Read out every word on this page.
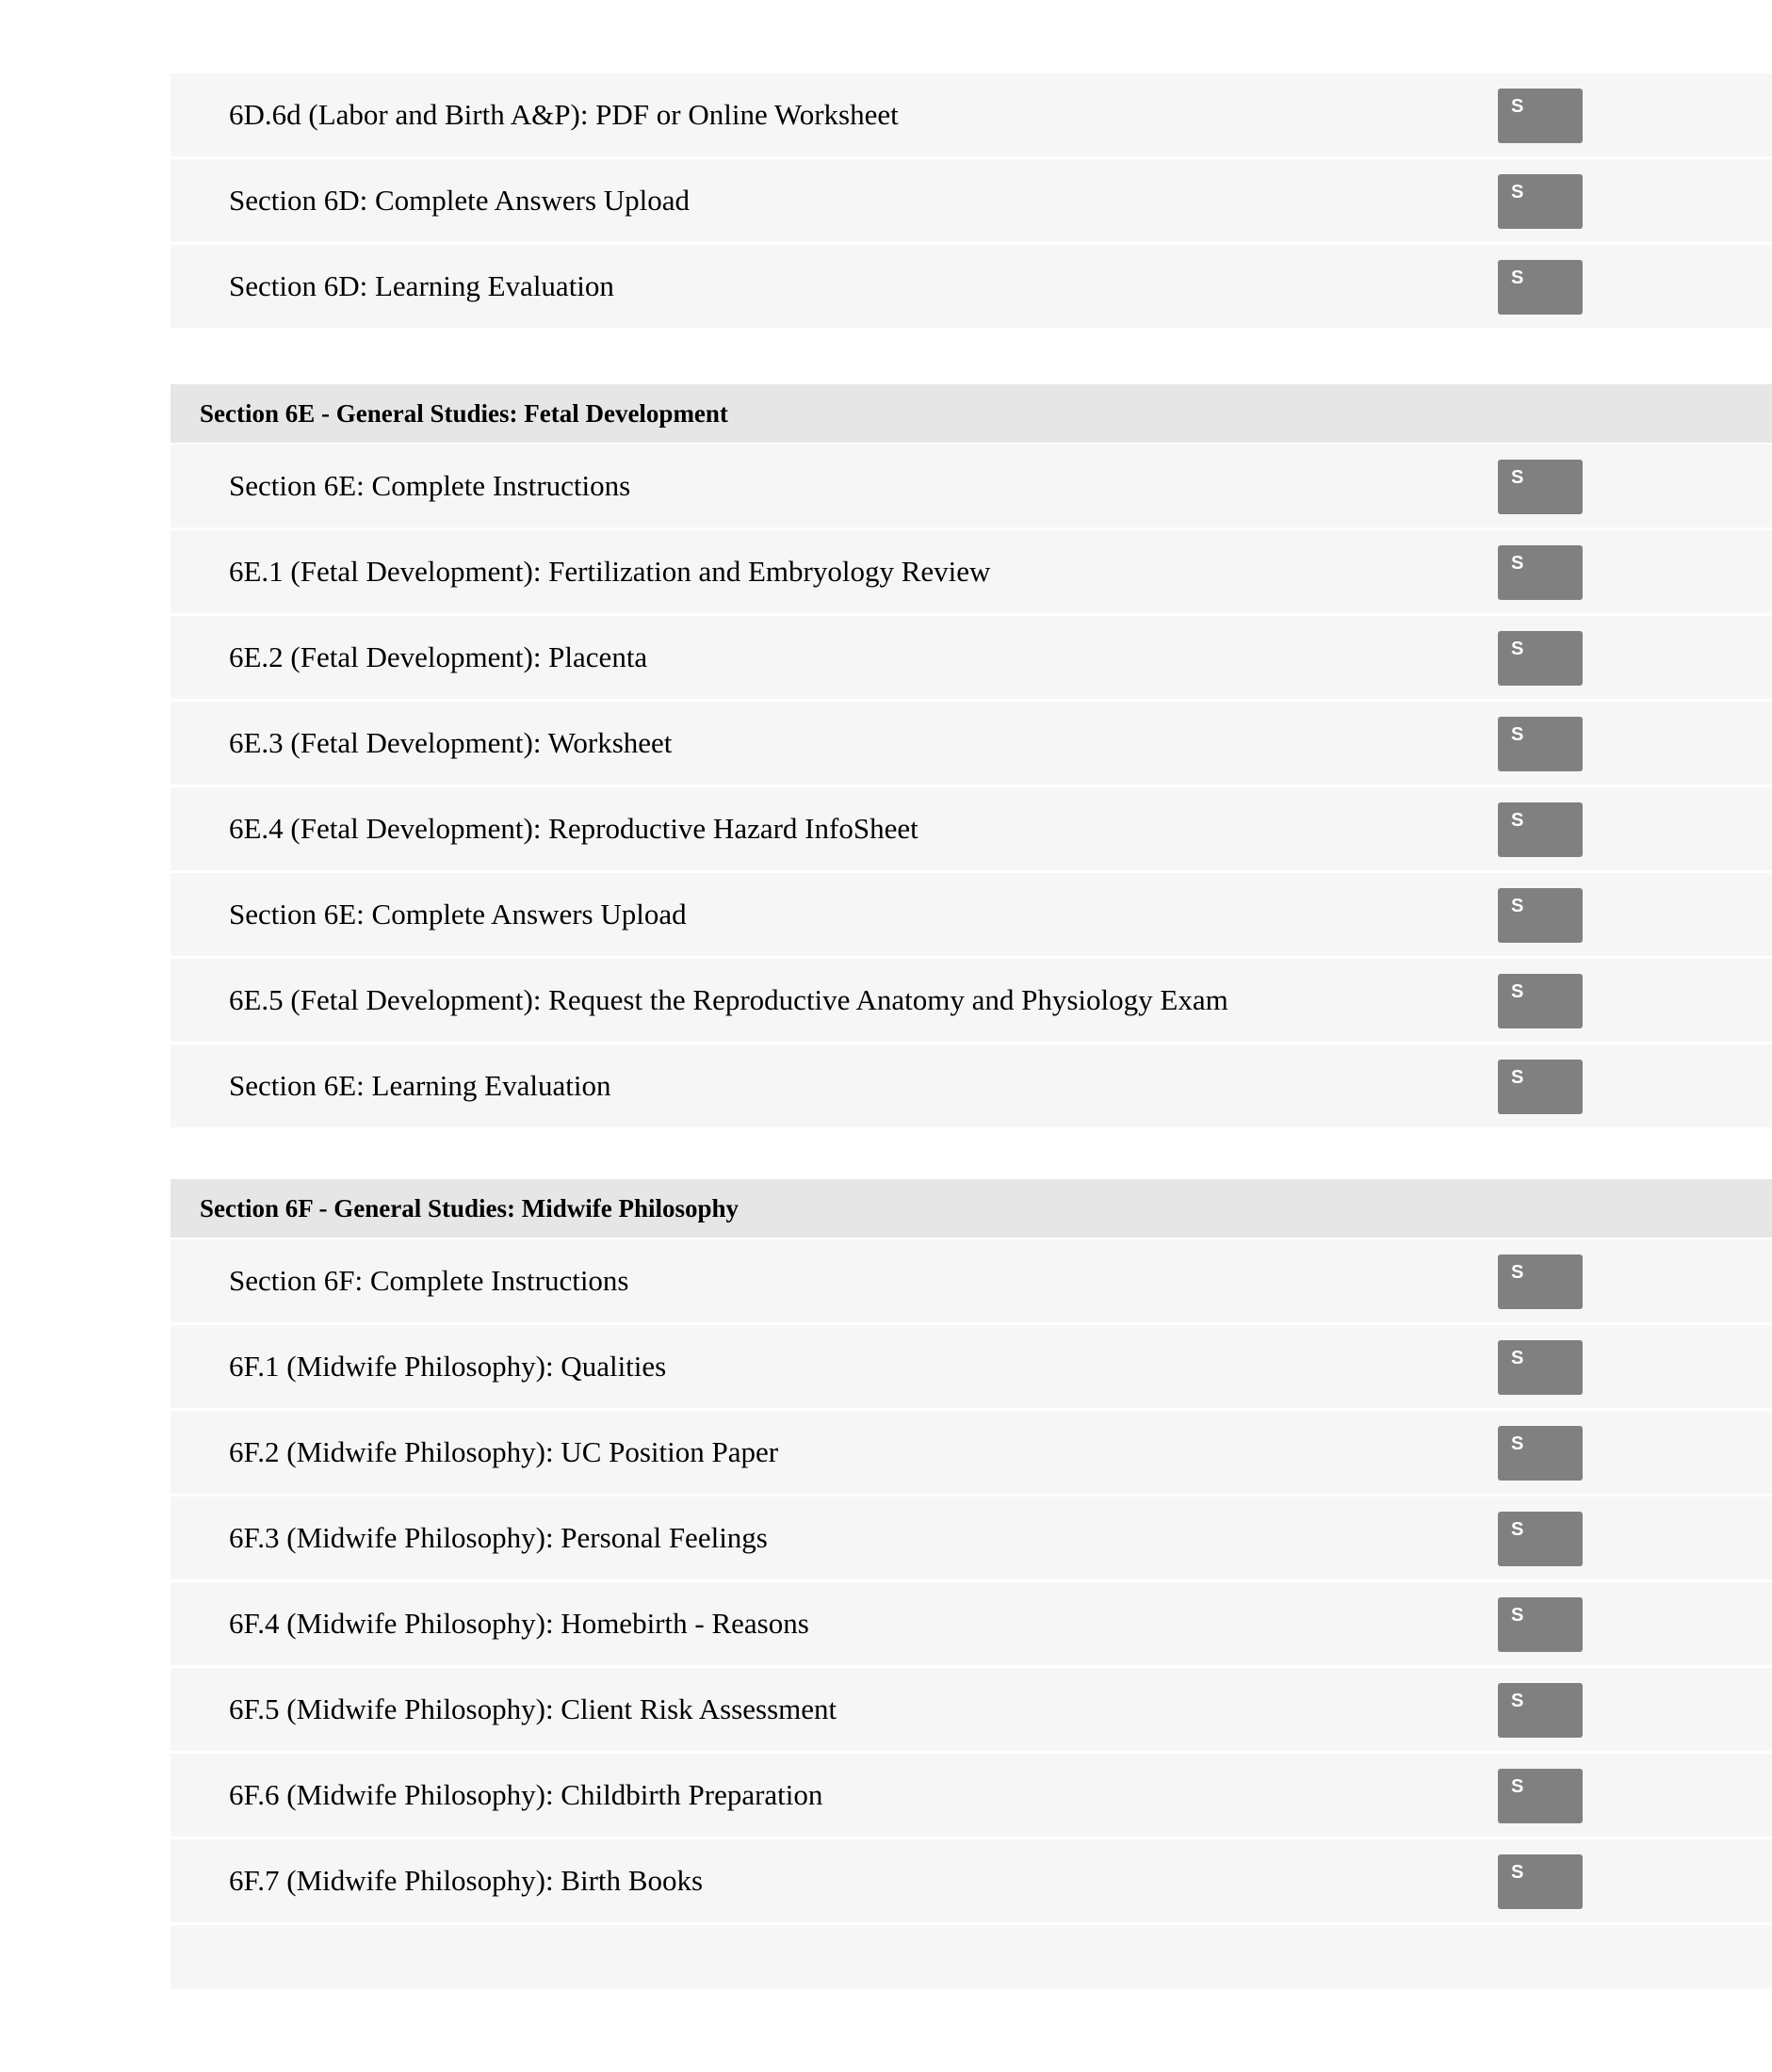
6D.6d (Labor and Birth A&P): PDF or Online Worksheet	S
Section 6D: Complete Answers Upload	S
Section 6D: Learning Evaluation	S
Section 6E - General Studies: Fetal Development
Section 6E: Complete Instructions	S
6E.1 (Fetal Development): Fertilization and Embryology Review	S
6E.2 (Fetal Development): Placenta	S
6E.3 (Fetal Development): Worksheet	S
6E.4 (Fetal Development): Reproductive Hazard InfoSheet	S
Section 6E: Complete Answers Upload	S
6E.5 (Fetal Development): Request the Reproductive Anatomy and Physiology Exam	S
Section 6E: Learning Evaluation	S
Section 6F - General Studies: Midwife Philosophy
Section 6F: Complete Instructions	S
6F.1 (Midwife Philosophy): Qualities	S
6F.2 (Midwife Philosophy): UC Position Paper	S
6F.3 (Midwife Philosophy): Personal Feelings	S
6F.4 (Midwife Philosophy): Homebirth - Reasons	S
6F.5 (Midwife Philosophy): Client Risk Assessment	S
6F.6 (Midwife Philosophy): Childbirth Preparation	S
6F.7 (Midwife Philosophy): Birth Books	S
